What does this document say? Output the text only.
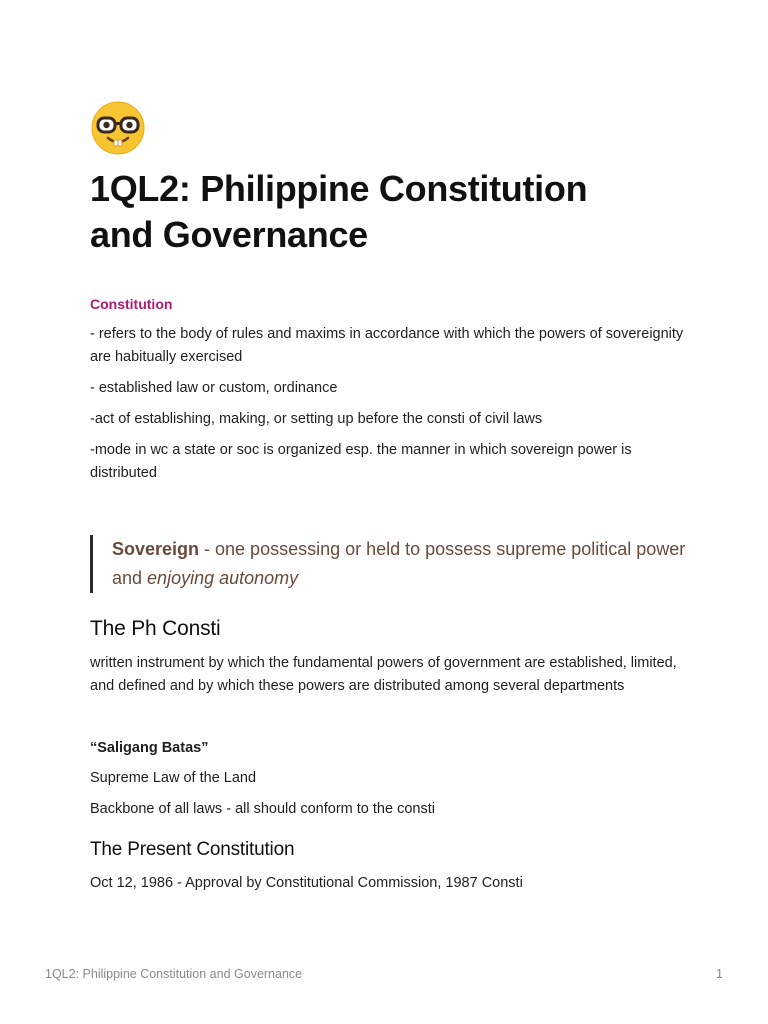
1QL2: Philippine Constitution
and Governance
Constitution
- refers to the body of rules and maxims in accordance with which the powers of sovereignity are habitually exercised
- established law or custom, ordinance
-act of establishing, making, or setting up before the consti of civil laws
-mode in wc a state or soc is organized esp. the manner in which sovereign power is distributed
Sovereign - one possessing or held to possess supreme political power and enjoying autonomy
The Ph Consti
written instrument by which the fundamental powers of government are established, limited, and defined and by which these powers are distributed among several departments
“Saligang Batas”
Supreme Law of the Land
Backbone of all laws - all should conform to the consti
The Present Constitution
Oct 12, 1986 - Approval by Constitutional Commission, 1987 Consti
1QL2: Philippine Constitution and Governance	1
